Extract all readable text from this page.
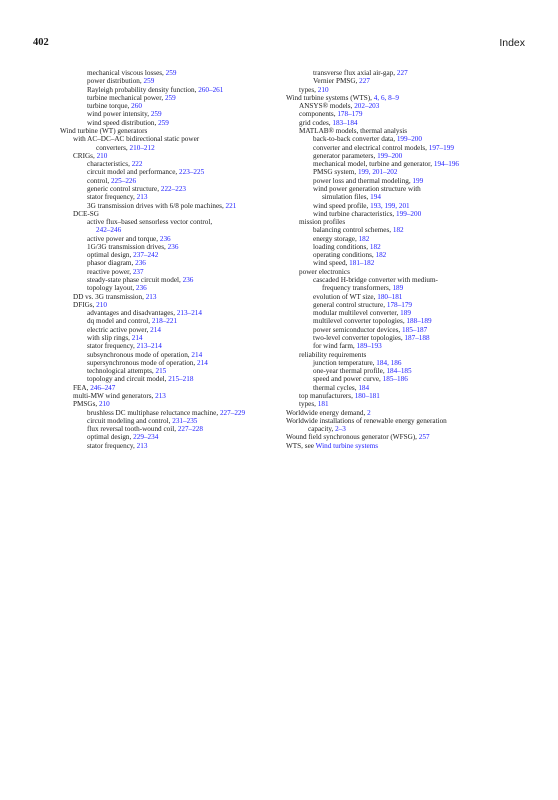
402	Index
mechanical viscous losses, 259
power distribution, 259
Rayleigh probability density function, 260–261
turbine mechanical power, 259
turbine torque, 260
wind power intensity, 259
wind speed distribution, 259
Wind turbine (WT) generators
with AC–DC–AC bidirectional static power
converters, 210–212
CRIGs, 210
characteristics, 222
circuit model and performance, 223–225
control, 225–226
generic control structure, 222–223
stator frequency, 213
3G transmission drives with 6/8 pole machines, 221
DCE-SG
active flux–based sensorless vector control,
242–246
active power and torque, 236
1G/3G transmission drives, 236
optimal design, 237–242
phasor diagram, 236
reactive power, 237
steady-state phase circuit model, 236
topology layout, 236
DD vs. 3G transmission, 213
DFIGs, 210
advantages and disadvantages, 213–214
dq model and control, 218–221
electric active power, 214
with slip rings, 214
stator frequency, 213–214
subsynchronous mode of operation, 214
supersynchronous mode of operation, 214
technological attempts, 215
topology and circuit model, 215–218
FEA, 246–247
multi-MW wind generators, 213
PMSGs, 210
brushless DC multiphase reluctance machine, 227–229
circuit modeling and control, 231–235
flux reversal tooth-wound coil, 227–228
optimal design, 229–234
stator frequency, 213
transverse flux axial air-gap, 227
Vernier PMSG, 227
types, 210
Wind turbine systems (WTS), 4, 6, 8–9
ANSYS® models, 202–203
components, 178–179
grid codes, 183–184
MATLAB® models, thermal analysis
back-to-back converter data, 199–200
converter and electrical control models, 197–199
generator parameters, 199–200
mechanical model, turbine and generator, 194–196
PMSG system, 199, 201–202
power loss and thermal modeling, 199
wind power generation structure with
simulation files, 194
wind speed profile, 193, 199, 201
wind turbine characteristics, 199–200
mission profiles
balancing control schemes, 182
energy storage, 182
loading conditions, 182
operating conditions, 182
wind speed, 181–182
power electronics
cascaded H-bridge converter with medium-
frequency transformers, 189
evolution of WT size, 180–181
general control structure, 178–179
modular multilevel converter, 189
multilevel converter topologies, 188–189
power semiconductor devices, 185–187
two-level converter topologies, 187–188
for wind farm, 189–193
reliability requirements
junction temperature, 184, 186
one-year thermal profile, 184–185
speed and power curve, 185–186
thermal cycles, 184
top manufacturers, 180–181
types, 181
Worldwide energy demand, 2
Worldwide installations of renewable energy generation
capacity, 2–3
Wound field synchronous generator (WFSG), 257
WTS, see Wind turbine systems
